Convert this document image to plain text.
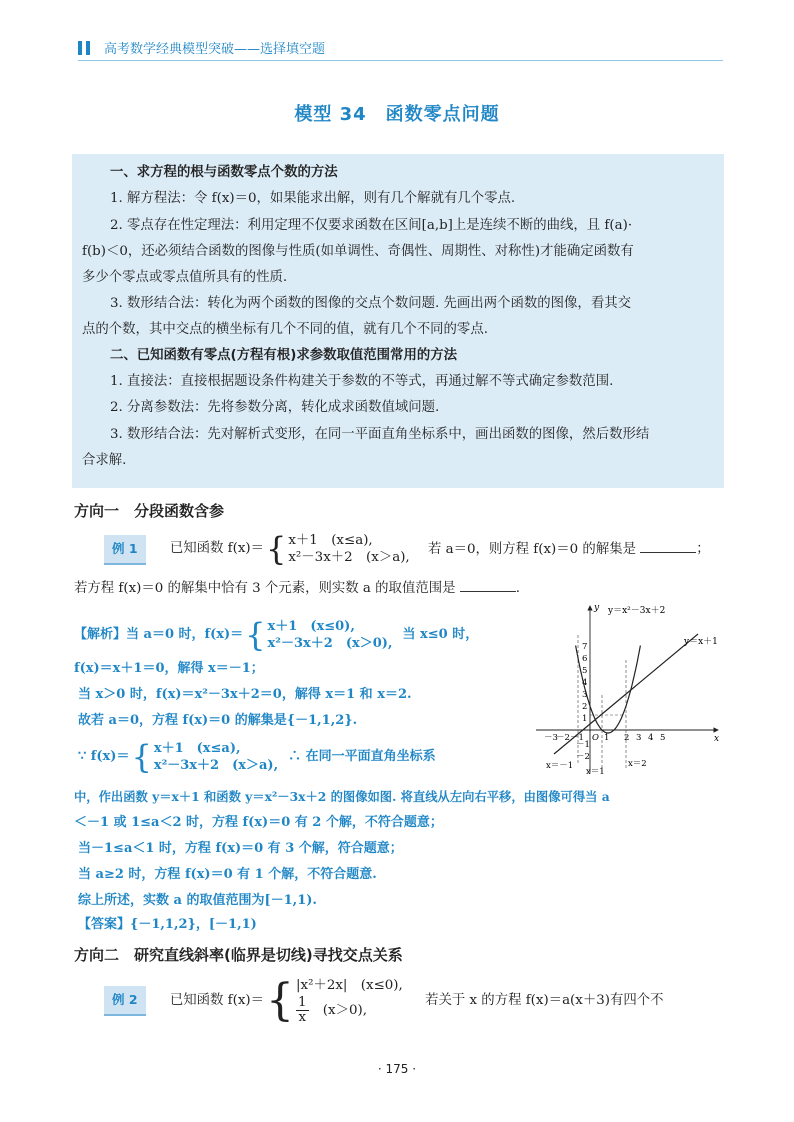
高考数学经典模型突破——选择填空题
模型 34　函数零点问题
一、求方程的根与函数零点个数的方法
1. 解方程法：令 f(x)＝0，如果能求出解，则有几个解就有几个零点.
2. 零点存在性定理法：利用定理不仅要求函数在区间[a,b]上是连续不断的曲线，且 f(a)·
f(b)＜0，还必须结合函数的图像与性质(如单调性、奇偶性、周期性、对称性)才能确定函数有
多少个零点或零点值所具有的性质.
3. 数形结合法：转化为两个函数的图像的交点个数问题. 先画出两个函数的图像，看其交
点的个数，其中交点的横坐标有几个不同的值，就有几个不同的零点.
二、已知函数有零点(方程有根)求参数取值范围常用的方法
1. 直接法：直接根据题设条件构建关于参数的不等式，再通过解不等式确定参数范围.
2. 分离参数法：先将参数分离，转化成求函数值域问题.
3. 数形结合法：先对解析式变形，在同一平面直角坐标系中，画出函数的图像，然后数形结
合求解.
方向一　分段函数含参
例 1 已知函数 f(x)＝ { x＋1　(x≤a),
x²－3x＋2　(x＞a),
若 a＝0，则方程 f(x)＝0 的解集是	；
若方程 f(x)＝0 的解集中恰有 3 个元素，则实数 a 的取值范围是	.
【解析】当 a＝0 时，f(x)＝ { x＋1　(x≤0),
x²－3x＋2　(x＞0),
当 x≤0 时，
f(x)＝x＋1＝0，解得 x＝－1；
当 x＞0 时，f(x)＝x²－3x＋2＝0，解得 x＝1 和 x＝2.
故若 a＝0，方程 f(x)＝0 的解集是{－1,1,2}.
∵ f(x)＝ { x＋1　(x≤a),
x²－3x＋2　(x＞a),
∴ 在同一平面直角坐标系
中，作出函数 y＝x＋1 和函数 y＝x²－3x＋2 的图像如图. 将直线从左向右平移，由图像可得当 a
＜－1 或 1≤a＜2 时，方程 f(x)＝0 有 2 个解，不符合题意；
当－1≤a＜1 时，方程 f(x)＝0 有 3 个解，符合题意；
当 a≥2 时，方程 f(x)＝0 有 1 个解，不符合题意.
综上所述，实数 a 的取值范围为[－1,1).
【答案】{－1,1,2}，[－1,1)
y＝x²－3x＋2
y＝x＋1
x
y
－3
－2 －1 O 1 2 3 4 5
7
6
5
4
3
2
1
－1
－2
x＝－1
x＝1
x＝2
方向二　研究直线斜率(临界是切线)寻找交点关系
例 2 已知函数 f(x)＝ { |x²＋2x|　(x≤0),
$\frac{1}{x} (x>0)$,
若关于 x 的方程 f(x)＝a(x＋3)有四个不
· 175 ·
